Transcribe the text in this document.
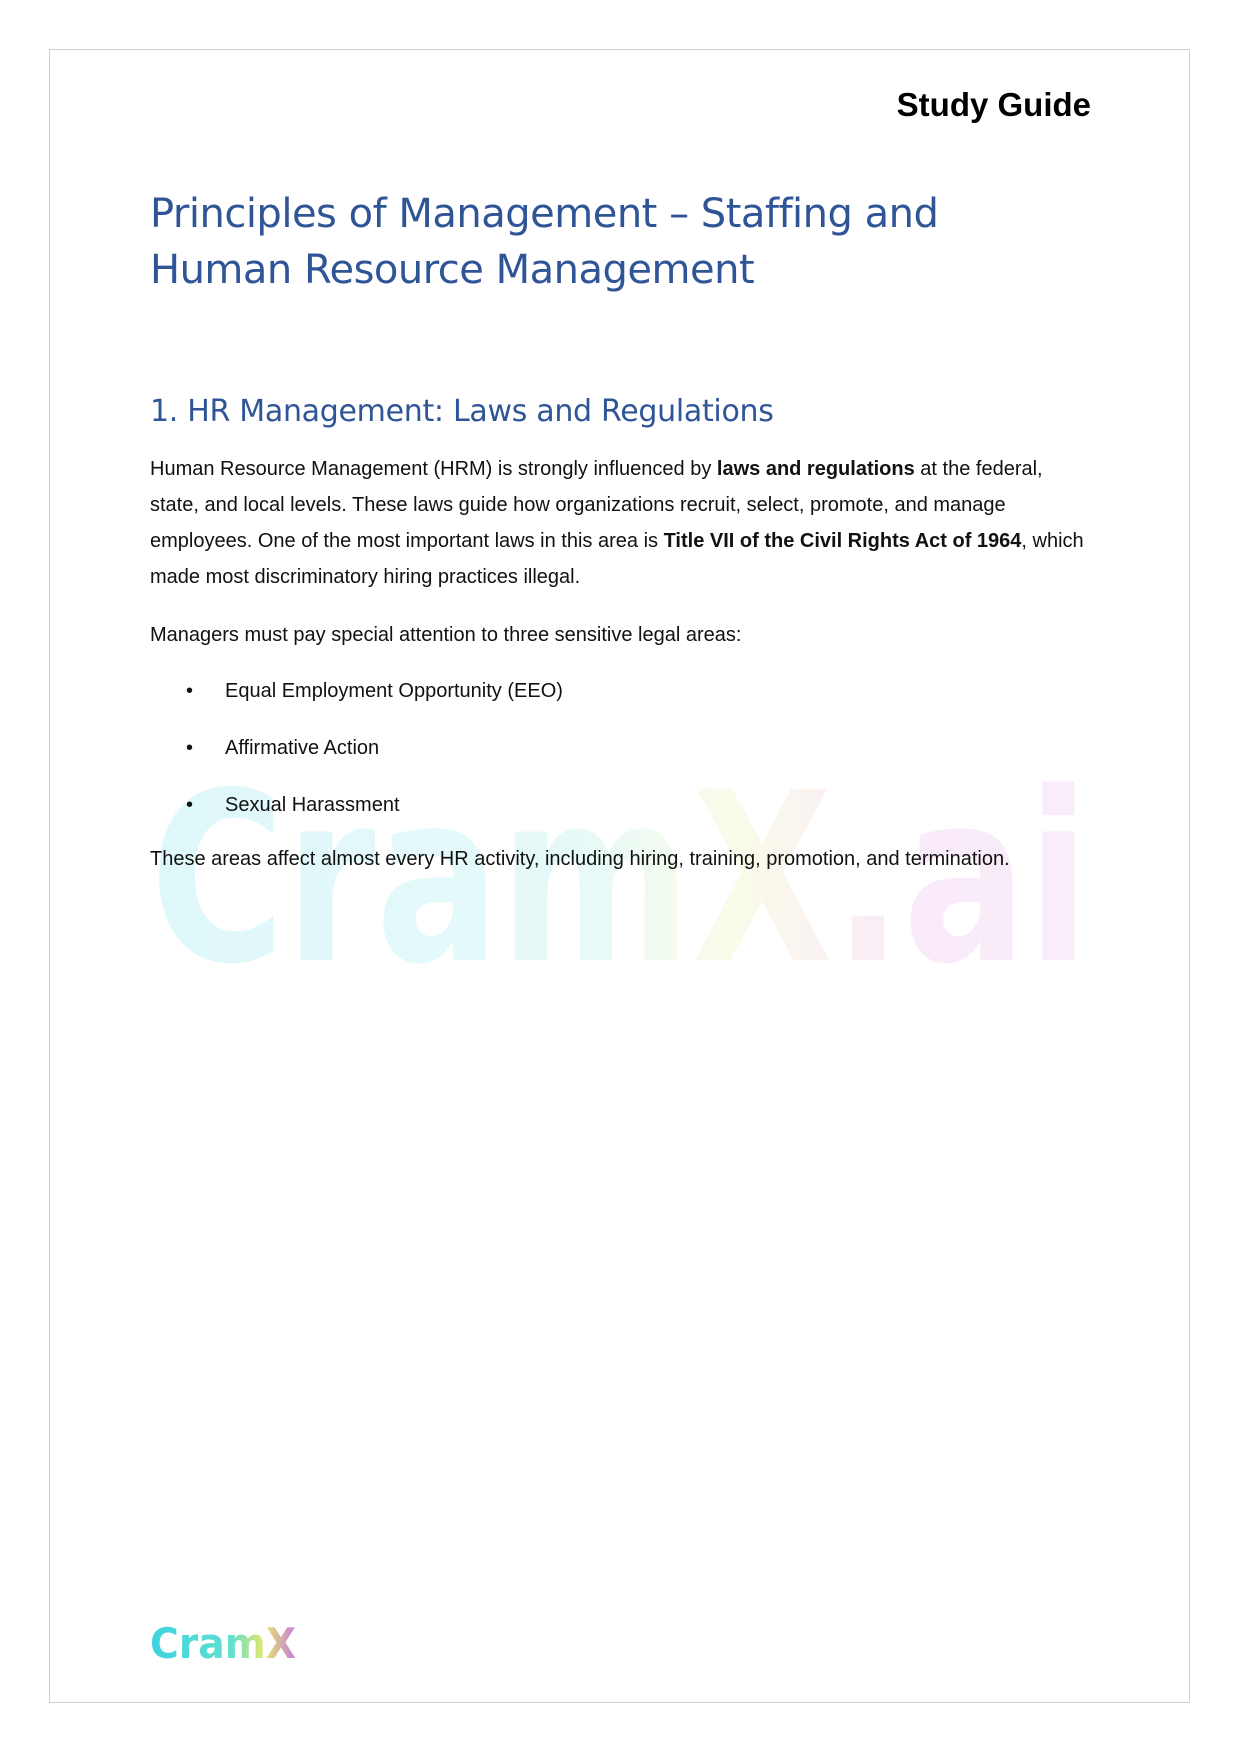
Study Guide
CramX.ai
Principles of Management – Staffing and Human Resource Management
1. HR Management: Laws and Regulations

Human Resource Management (HRM) is strongly influenced by laws and regulations at the federal, state, and local levels. These laws guide how organizations recruit, select, promote, and manage employees. One of the most important laws in this area is Title VII of the Civil Rights Act of 1964, which made most discriminatory hiring practices illegal.

Managers must pay special attention to three sensitive legal areas:

• Equal Employment Opportunity (EEO)
• Affirmative Action
• Sexual Harassment

These areas affect almost every HR activity, including hiring, training, promotion, and termination.

CramX
